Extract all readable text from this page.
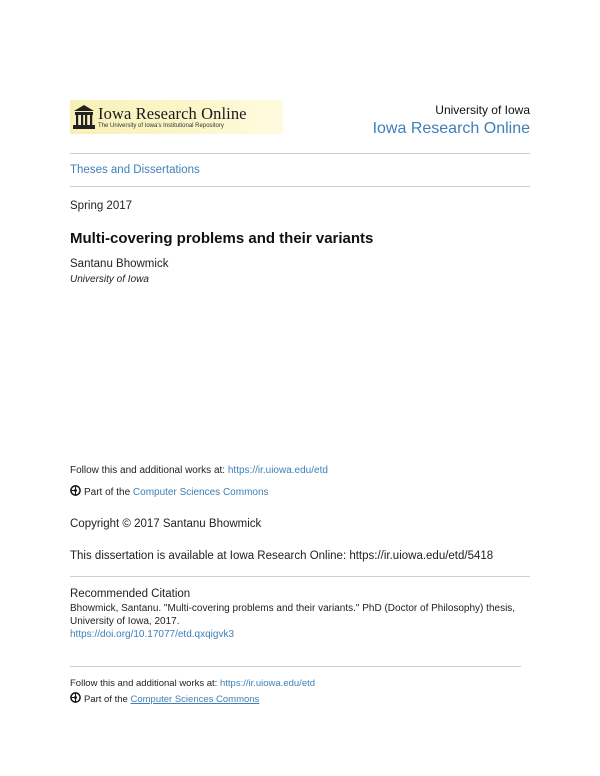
Iowa Research Online
The University of Iowa's Institutional Repository
University of Iowa
Iowa Research Online
Theses and Dissertations
Spring 2017
Multi-covering problems and their variants
Santanu Bhowmick
University of Iowa
Follow this and additional works at: https://ir.uiowa.edu/etd
Part of the Computer Sciences Commons
Copyright © 2017 Santanu Bhowmick
This dissertation is available at Iowa Research Online: https://ir.uiowa.edu/etd/5418
Recommended Citation
Bhowmick, Santanu. "Multi-covering problems and their variants." PhD (Doctor of Philosophy) thesis,
University of Iowa, 2017.
https://doi.org/10.17077/etd.qxqigvk3
Follow this and additional works at: https://ir.uiowa.edu/etd
Part of the Computer Sciences Commons
